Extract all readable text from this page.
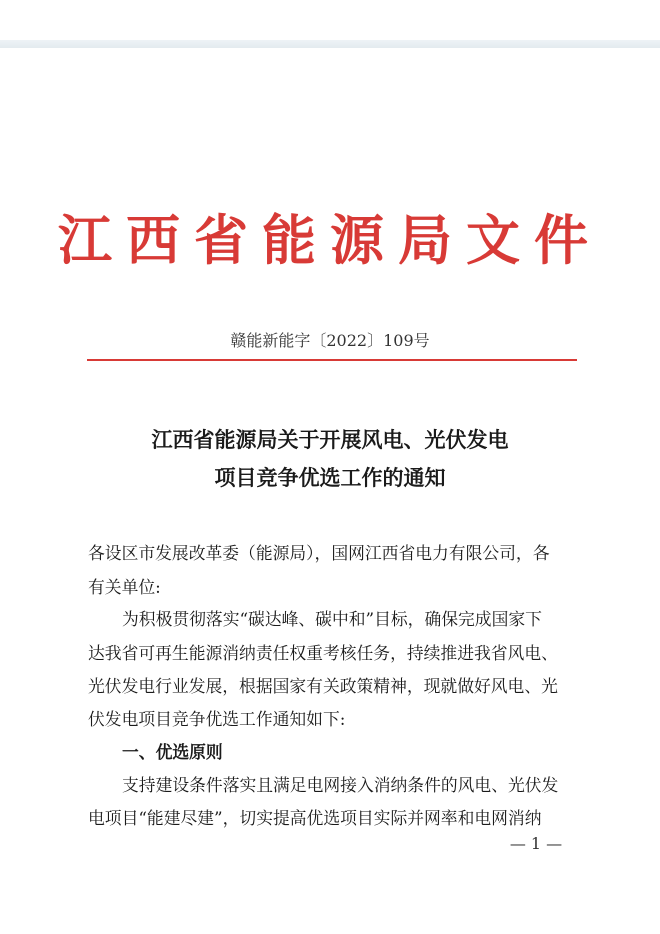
江西省能源局文件
赣能新能字〔2022〕109号
江西省能源局关于开展风电、光伏发电
项目竞争优选工作的通知
各设区市发展改革委（能源局），国网江西省电力有限公司，各
有关单位:
为积极贯彻落实“碳达峰、碳中和”目标，确保完成国家下
达我省可再生能源消纳责任权重考核任务，持续推进我省风电、
光伏发电行业发展，根据国家有关政策精神，现就做好风电、光
伏发电项目竞争优选工作通知如下:
一、优选原则
支持建设条件落实且满足电网接入消纳条件的风电、光伏发
电项目“能建尽建”，切实提高优选项目实际并网率和电网消纳
— 1 —
